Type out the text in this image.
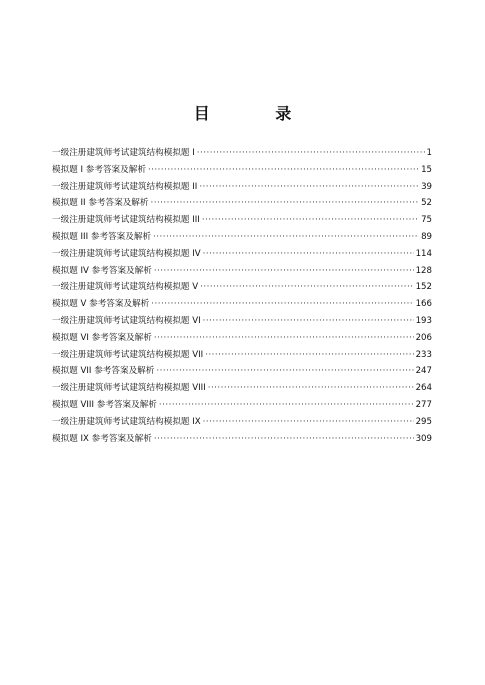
目 录
一级注册建筑师考试建筑结构模拟题 I ·····	1
模拟题 I 参考答案及解析 ·····	15
一级注册建筑师考试建筑结构模拟题 II ·····	39
模拟题 II 参考答案及解析 ·····	52
一级注册建筑师考试建筑结构模拟题 III ·····	75
模拟题 III 参考答案及解析 ·····	89
一级注册建筑师考试建筑结构模拟题 IV ·····	114
模拟题 IV 参考答案及解析 ·····	128
一级注册建筑师考试建筑结构模拟题 V ·····	152
模拟题 V 参考答案及解析 ·····	166
一级注册建筑师考试建筑结构模拟题 VI ·····	193
模拟题 VI 参考答案及解析 ·····	206
一级注册建筑师考试建筑结构模拟题 VII ·····	233
模拟题 VII 参考答案及解析 ·····	247
一级注册建筑师考试建筑结构模拟题 VIII ·····	264
模拟题 VIII 参考答案及解析 ·····	277
一级注册建筑师考试建筑结构模拟题 IX ·····	295
模拟题 IX 参考答案及解析 ·····	309
